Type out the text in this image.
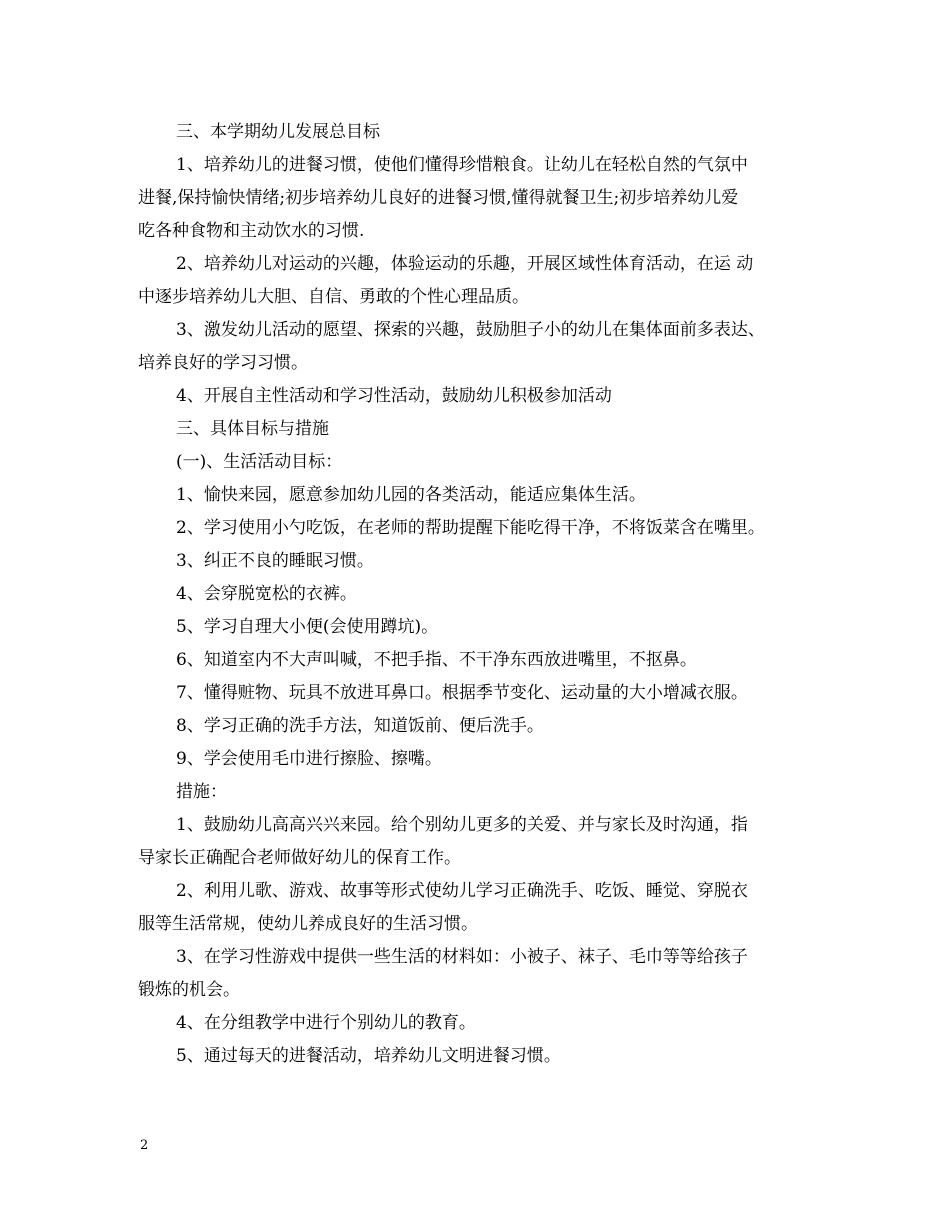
三、本学期幼儿发展总目标
1、培养幼儿的进餐习惯，使他们懂得珍惜粮食。让幼儿在轻松自然的气氛中
进餐,保持愉快情绪;初步培养幼儿良好的进餐习惯,懂得就餐卫生;初步培养幼儿爱
吃各种食物和主动饮水的习惯.
2、培养幼儿对运动的兴趣，体验运动的乐趣，开展区域性体育活动，在运 动
中逐步培养幼儿大胆、自信、勇敢的个性心理品质。
3、激发幼儿活动的愿望、探索的兴趣，鼓励胆子小的幼儿在集体面前多表达、
培养良好的学习习惯。
4、开展自主性活动和学习性活动，鼓励幼儿积极参加活动
三、具体目标与措施
(一)、生活活动目标：
1、愉快来园，愿意参加幼儿园的各类活动，能适应集体生活。
2、学习使用小勺吃饭，在老师的帮助提醒下能吃得干净，不将饭菜含在嘴里。
3、纠正不良的睡眠习惯。
4、会穿脱宽松的衣裤。
5、学习自理大小便(会使用蹲坑)。
6、知道室内不大声叫喊，不把手指、不干净东西放进嘴里，不抠鼻。
7、懂得赃物、玩具不放进耳鼻口。根据季节变化、运动量的大小增减衣服。
8、学习正确的洗手方法，知道饭前、便后洗手。
9、学会使用毛巾进行擦脸、擦嘴。
措施：
1、鼓励幼儿高高兴兴来园。给个别幼儿更多的关爱、并与家长及时沟通，指
导家长正确配合老师做好幼儿的保育工作。
2、利用儿歌、游戏、故事等形式使幼儿学习正确洗手、吃饭、睡觉、穿脱衣
服等生活常规，使幼儿养成良好的生活习惯。
3、在学习性游戏中提供一些生活的材料如：小被子、袜子、毛巾等等给孩子
锻炼的机会。
4、在分组教学中进行个别幼儿的教育。
5、通过每天的进餐活动，培养幼儿文明进餐习惯。
2
